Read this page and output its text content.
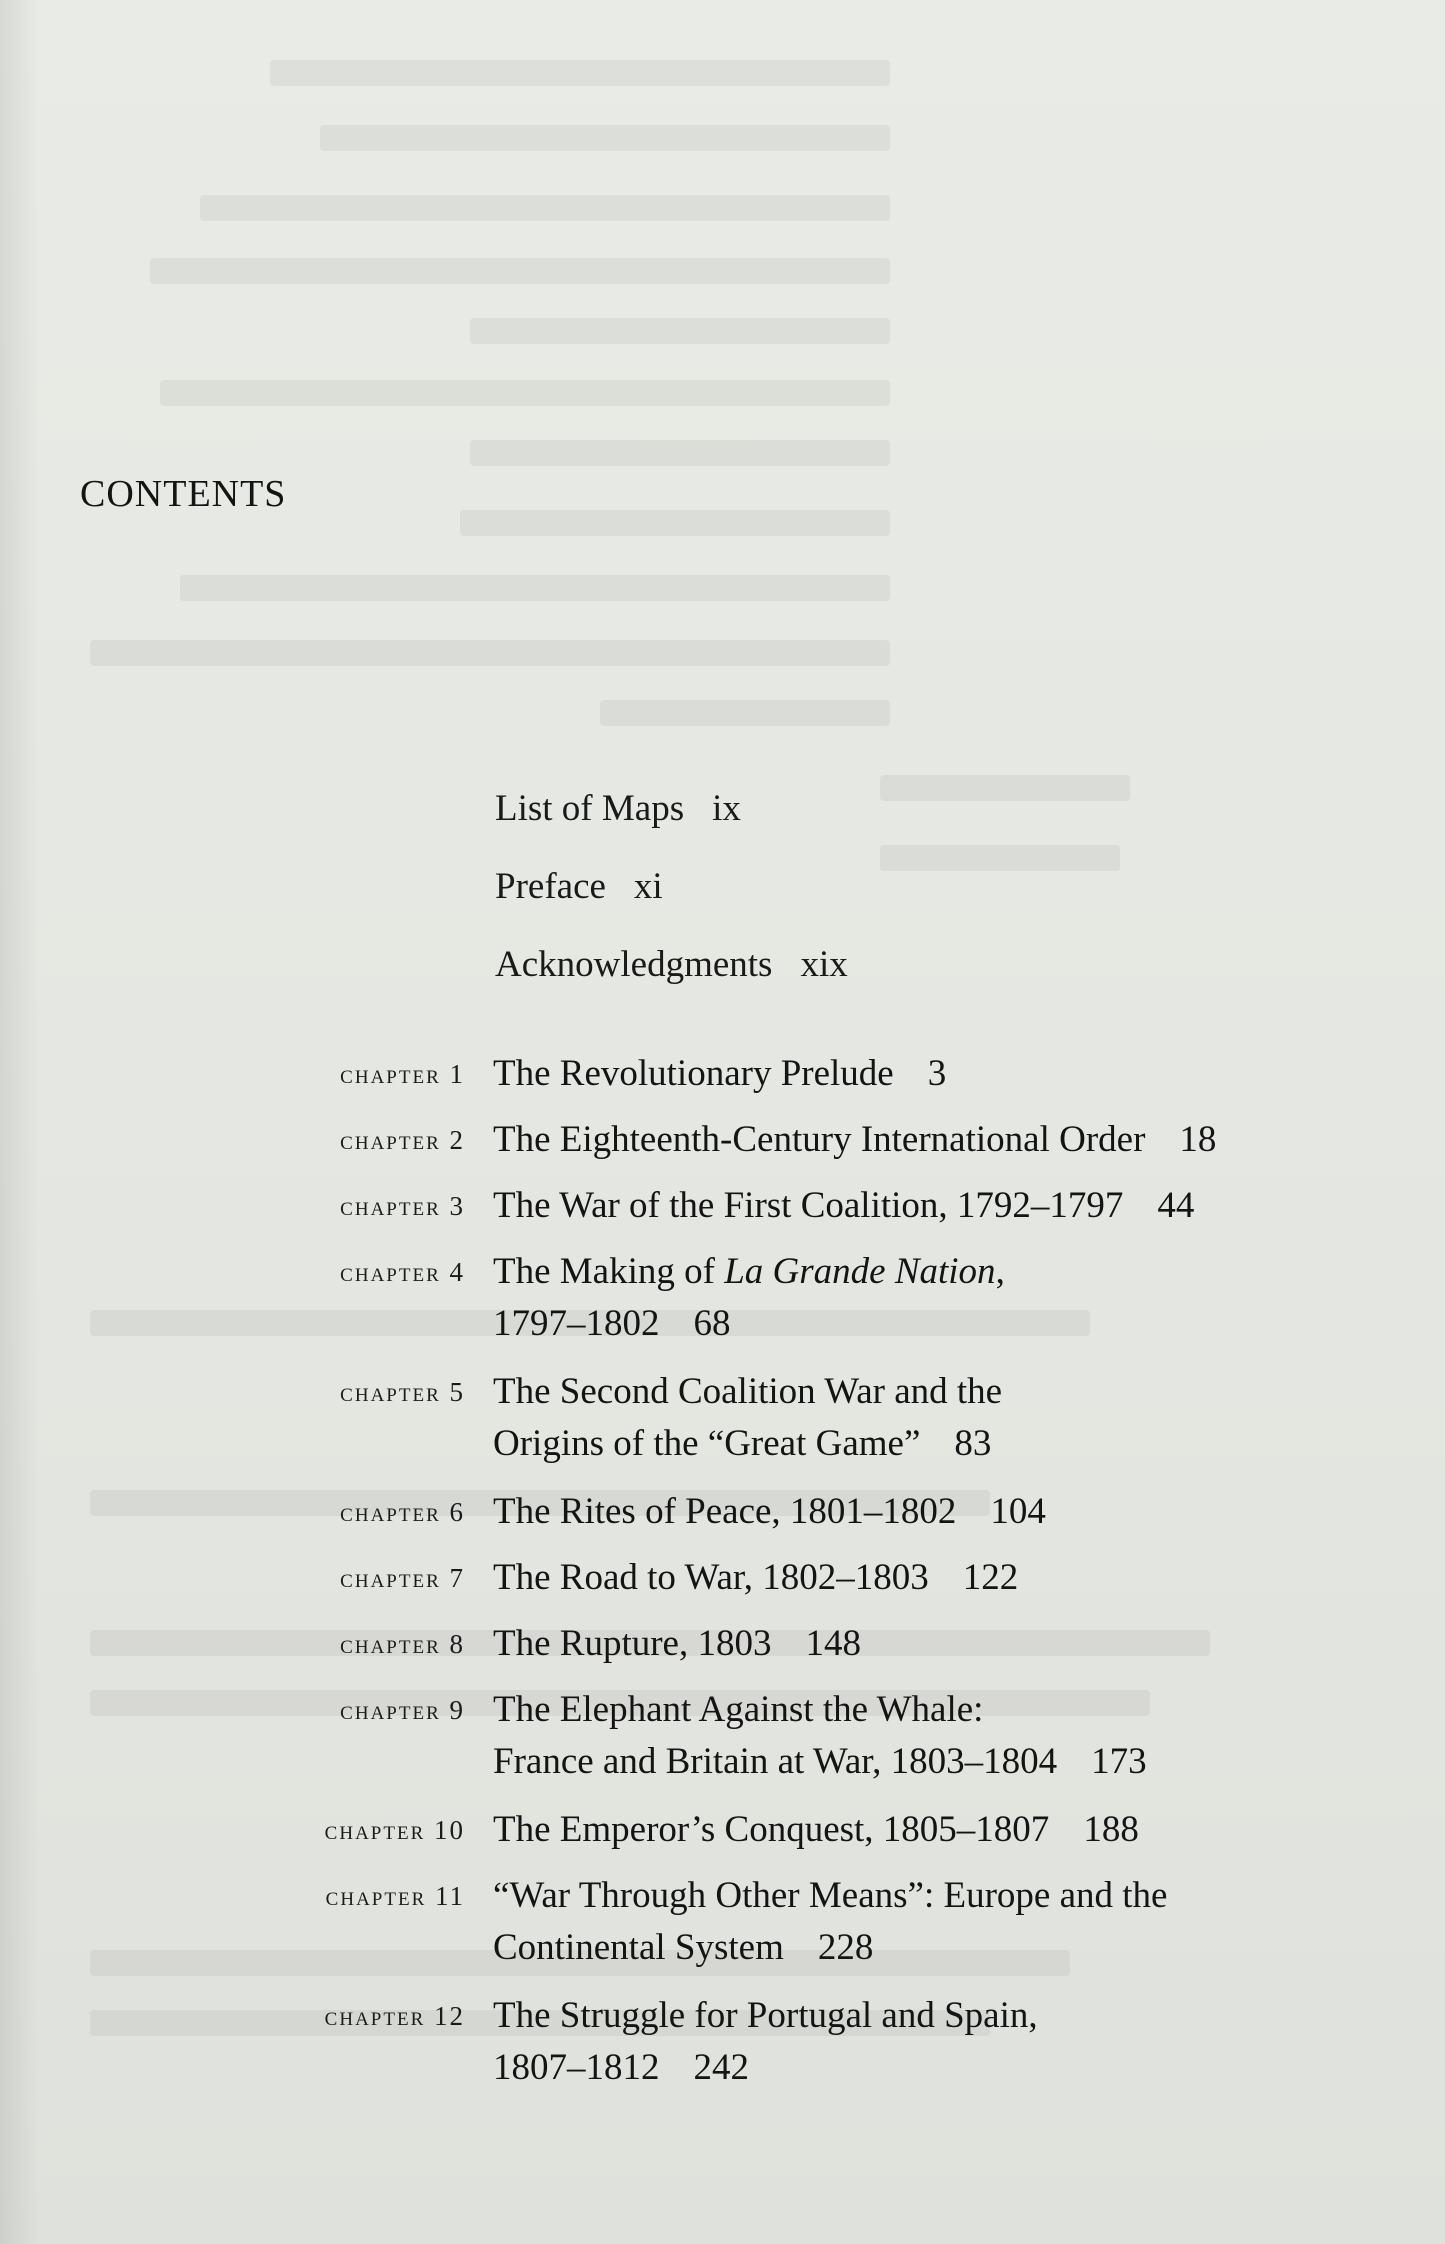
CONTENTS
List of Maps ix
Preface xi
Acknowledgments xix
chapter 1 The Revolutionary Prelude 3
chapter 2 The Eighteenth-Century International Order 18
chapter 3 The War of the First Coalition, 1792–1797 44
chapter 4 The Making of La Grande Nation,
1797–1802 68
chapter 5 The Second Coalition War and the
Origins of the “Great Game” 83
chapter 6 The Rites of Peace, 1801–1802 104
chapter 7 The Road to War, 1802–1803 122
chapter 8 The Rupture, 1803 148
chapter 9 The Elephant Against the Whale:
France and Britain at War, 1803–1804 173
chapter 10 The Emperor’s Conquest, 1805–1807 188
chapter 11 “War Through Other Means”: Europe and the
Continental System 228
chapter 12 The Struggle for Portugal and Spain,
1807–1812 242
